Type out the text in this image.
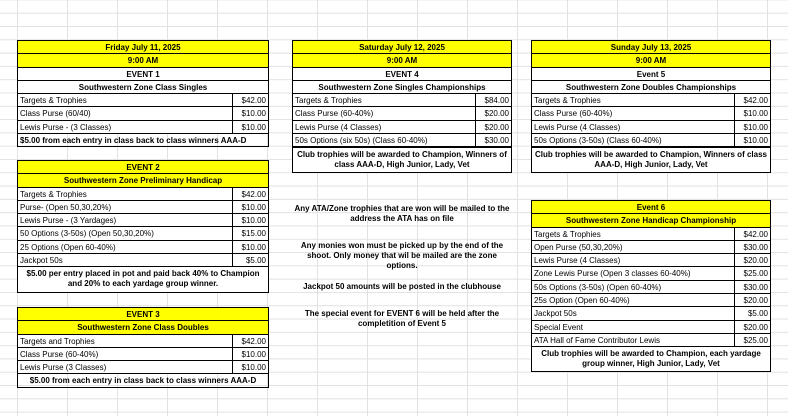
Friday July 11, 2025
9:00 AM
EVENT 1
Southwestern Zone Class Singles
Targets & Trophies	$42.00
Class Purse (60/40)	$10.00
Lewis Purse - (3 Classes)	$10.00
$5.00 from each entry in class back to class winners AAA-D
EVENT 2
Southwestern Zone Preliminary Handicap
Targets & Trophies	$42.00
Purse- (Open 50,30,20%)	$10.00
Lewis Purse - (3 Yardages)	$10.00
50 Options (3-50s) (Open 50,30,20%)	$15.00
25 Options (Open 60-40%)	$10.00
Jackpot 50s	$5.00
$5.00 per entry placed in pot and paid back 40% to Champion and 20% to each yardage group winner.
EVENT 3
Southwestern Zone Class Doubles
Targets and Trophies	$42.00
Class Purse (60-40%)	$10.00
Lewis Purse (3 Classes)	$10.00
$5.00 from each entry in class back to class winners AAA-D
Saturday July 12, 2025
9:00 AM
EVENT 4
Southwestern Zone Singles Championships
Targets & Trophies	$84.00
Class Purse (60-40%)	$20.00
Lewis Purse (4 Classes)	$20.00
50s Options (six 50s) (Class 60-40%)	$30.00
Club trophies will be awarded to Champion, Winners of class AAA-D, High Junior, Lady, Vet
Any ATA/Zone trophies that are won will be mailed to the address the ATA has on file
Any monies won must be picked up by the end of the shoot. Only money that wil be mailed are the zone options.
Jackpot 50 amounts will be posted in the clubhouse
The special event for EVENT 6 will be held after the completition of Event 5
Sunday July 13, 2025
9:00 AM
Event 5
Southwestern Zone Doubles Championships
Targets & Trophies	$42.00
Class Purse (60-40%)	$10.00
Lewis Purse (4 Classes)	$10.00
50s Options (3-50s) (Class 60-40%)	$10.00
Club trophies will be awarded to Champion, Winners of class AAA-D, High Junior, Lady, Vet
Event 6
Southwestern Zone Handicap Championship
Targets & Trophies	$42.00
Open Purse (50,30,20%)	$30.00
Lewis Purse (4 Classes)	$20.00
Zone Lewis Purse (Open 3 classes 60-40%)	$25.00
50s Options (3-50s) (Open 60-40%)	$30.00
25s Option (Open 60-40%)	$20.00
Jackpot 50s	$5.00
Special Event	$20.00
ATA Hall of Fame Contributor Lewis	$25.00
Club trophies will be awarded to Champion, each yardage group winner, High Junior, Lady, Vet
